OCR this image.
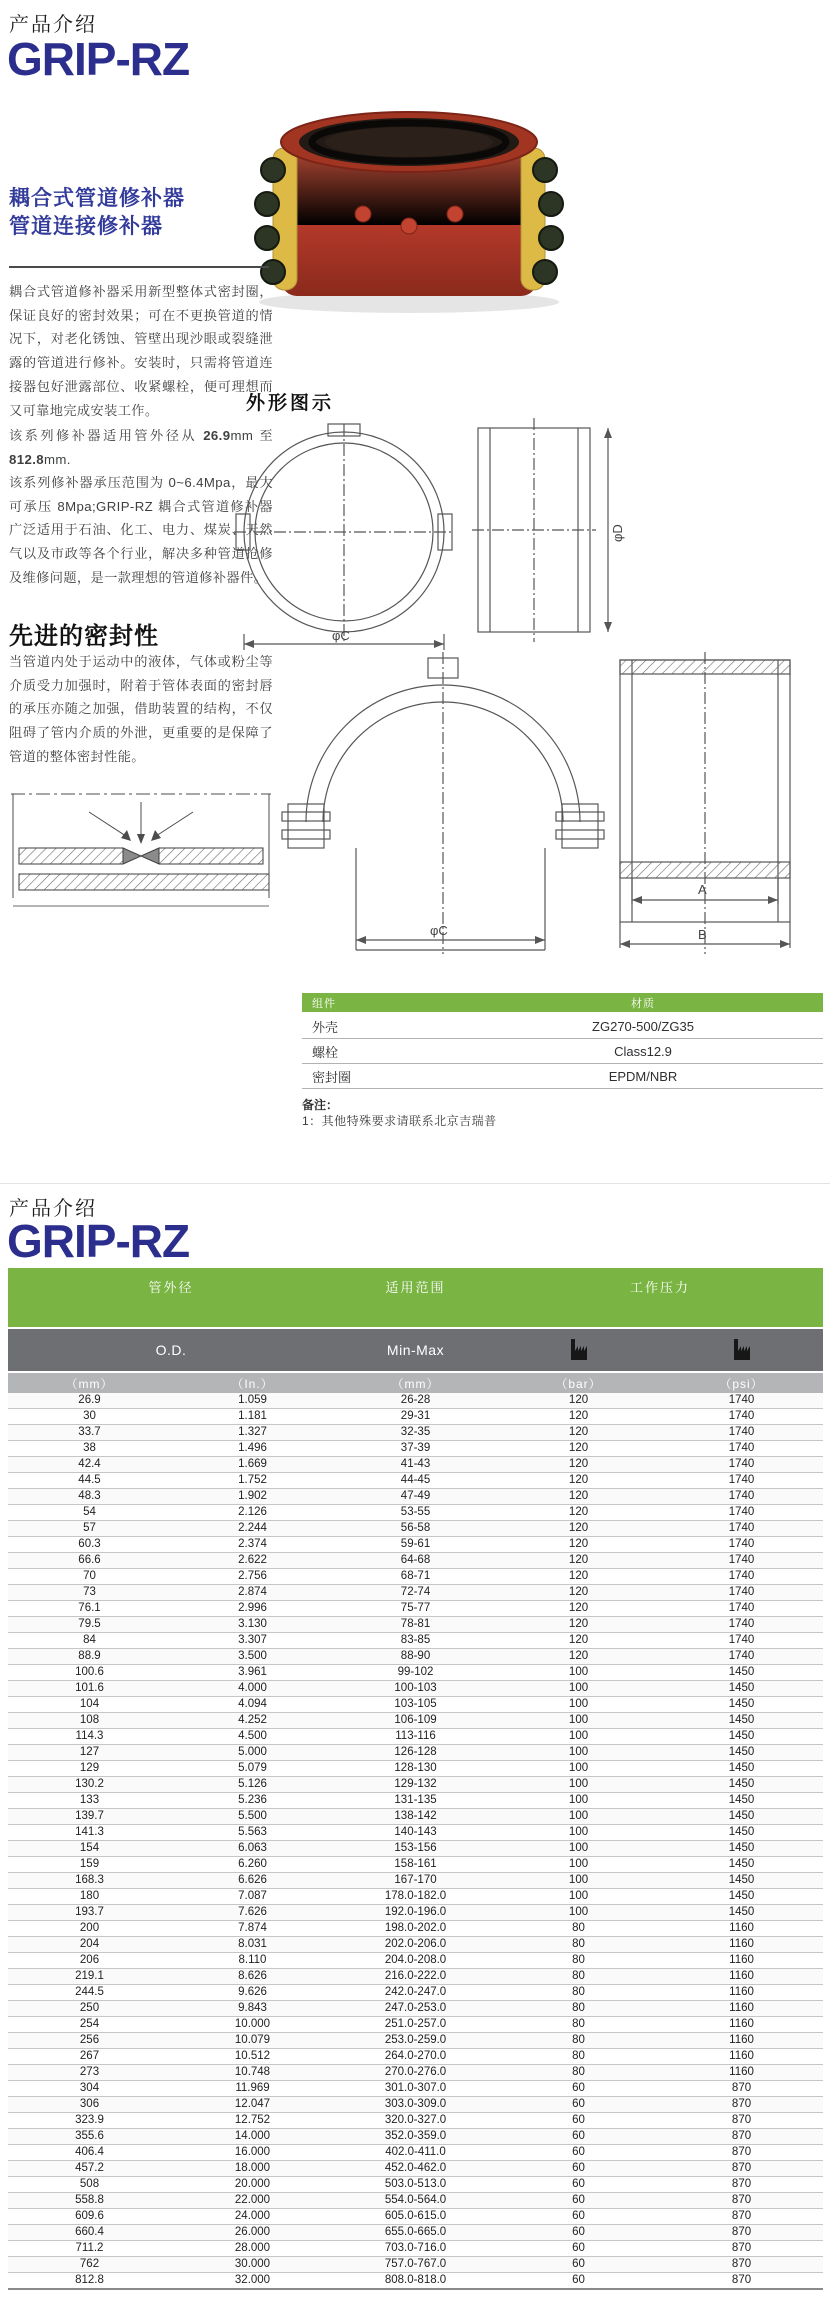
产品介绍
GRIP-RZ
耦合式管道修补器
管道连接修补器
耦合式管道修补器采用新型整体式密封圈，保证良好的密封效果；可在不更换管道的情况下，对老化锈蚀、管壁出现沙眼或裂缝泄露的管道进行修补。安装时，只需将管道连接器包好泄露部位、收紧螺栓，便可理想而又可靠地完成安装工作。
该系列修补器适用管外径从 26.9mm 至 812.8mm.
该系列修补器承压范围为 0~6.4Mpa，最大可承压 8Mpa;GRIP-RZ 耦合式管道修补器广泛适用于石油、化工、电力、煤炭、天然气以及市政等各个行业，解决多种管道抢修及维修问题，是一款理想的管道修补器件。
先进的密封性
当管道内处于运动中的液体，气体或粉尘等介质受力加强时，附着于管体表面的密封唇的承压亦随之加强，借助装置的结构，不仅阻碍了管内介质的外泄，更重要的是保障了管道的整体密封性能。
外形图示
φC
φD
φC
A
B
组件	材质
外壳	ZG270-500/ZG35
螺栓	Class12.9
密封圈	EPDM/NBR
备注：
1：其他特殊要求请联系北京吉瑞普
产品介绍
GRIP-RZ
管外径		适用范围	工作压力	
O.D.		Min-Max		
（mm）	（In.）	（mm）	（bar）	（psi）
26.9	1.059	26-28	120	1740
30	1.181	29-31	120	1740
33.7	1.327	32-35	120	1740
38	1.496	37-39	120	1740
42.4	1.669	41-43	120	1740
44.5	1.752	44-45	120	1740
48.3	1.902	47-49	120	1740
54	2.126	53-55	120	1740
57	2.244	56-58	120	1740
60.3	2.374	59-61	120	1740
66.6	2.622	64-68	120	1740
70	2.756	68-71	120	1740
73	2.874	72-74	120	1740
76.1	2.996	75-77	120	1740
79.5	3.130	78-81	120	1740
84	3.307	83-85	120	1740
88.9	3.500	88-90	120	1740
100.6	3.961	99-102	100	1450
101.6	4.000	100-103	100	1450
104	4.094	103-105	100	1450
108	4.252	106-109	100	1450
114.3	4.500	113-116	100	1450
127	5.000	126-128	100	1450
129	5.079	128-130	100	1450
130.2	5.126	129-132	100	1450
133	5.236	131-135	100	1450
139.7	5.500	138-142	100	1450
141.3	5.563	140-143	100	1450
154	6.063	153-156	100	1450
159	6.260	158-161	100	1450
168.3	6.626	167-170	100	1450
180	7.087	178.0-182.0	100	1450
193.7	7.626	192.0-196.0	100	1450
200	7.874	198.0-202.0	80	1160
204	8.031	202.0-206.0	80	1160
206	8.110	204.0-208.0	80	1160
219.1	8.626	216.0-222.0	80	1160
244.5	9.626	242.0-247.0	80	1160
250	9.843	247.0-253.0	80	1160
254	10.000	251.0-257.0	80	1160
256	10.079	253.0-259.0	80	1160
267	10.512	264.0-270.0	80	1160
273	10.748	270.0-276.0	80	1160
304	11.969	301.0-307.0	60	870
306	12.047	303.0-309.0	60	870
323.9	12.752	320.0-327.0	60	870
355.6	14.000	352.0-359.0	60	870
406.4	16.000	402.0-411.0	60	870
457.2	18.000	452.0-462.0	60	870
508	20.000	503.0-513.0	60	870
558.8	22.000	554.0-564.0	60	870
609.6	24.000	605.0-615.0	60	870
660.4	26.000	655.0-665.0	60	870
711.2	28.000	703.0-716.0	60	870
762	30.000	757.0-767.0	60	870
812.8	32.000	808.0-818.0	60	870
